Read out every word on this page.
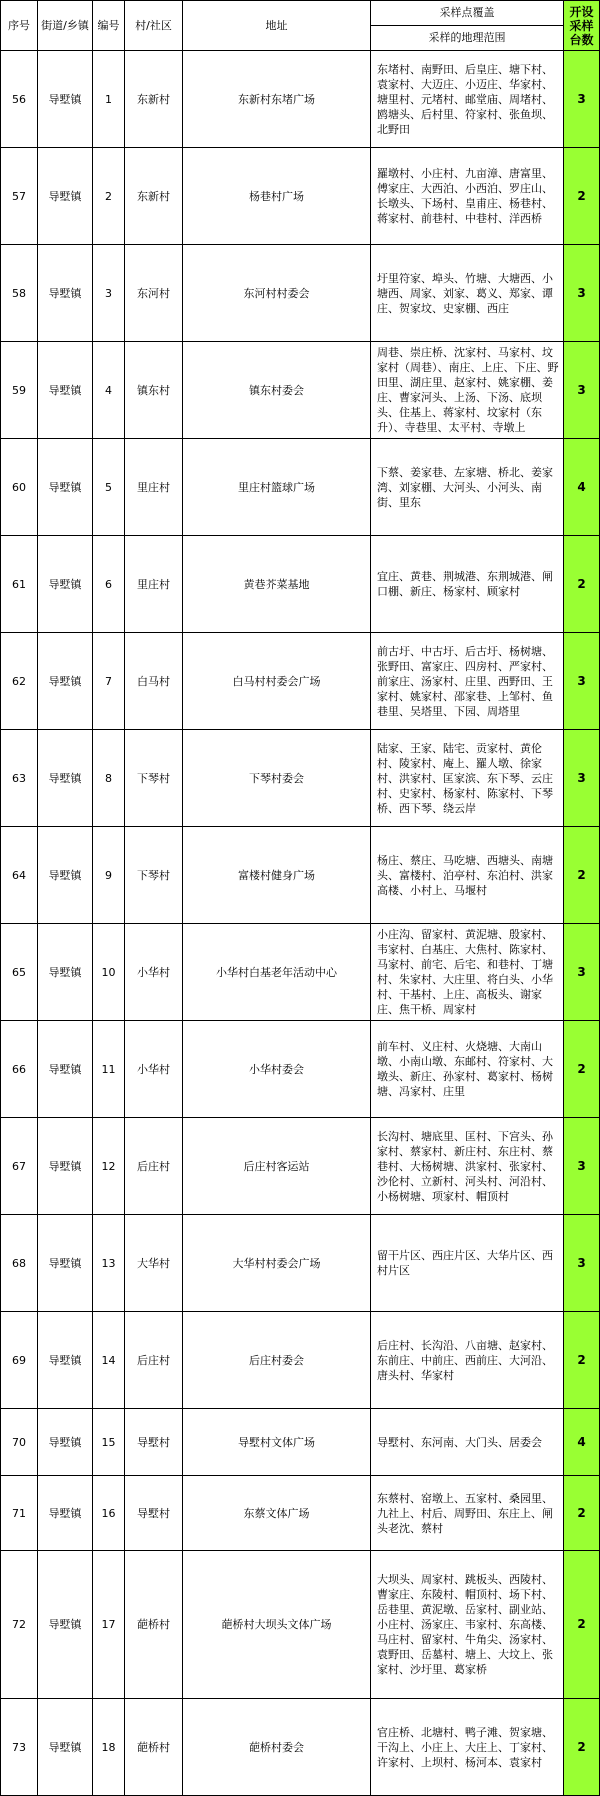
序号	街道/乡镇	编号	村/社区	地址	采样点覆盖	开设采样台数
					采样的地理范围	
56	导墅镇	1	东新村	东新村东堵广场	东堵村、南野田、后皇庄、塘下村、袁家村、大迈庄、小迈庄、华家村、塘里村、元堵村、邮堂庙、周堵村、鸥塘头、后村里、符家村、张鱼坝、北野田	3
57	导墅镇	2	东新村	杨巷村广场	羅墩村、小庄村、九亩漳、唐富里、傅家庄、大西泊、小西泊、罗庄山、长墩头、下场村、皇甫庄、杨巷村、蒋家村、前巷村、中巷村、洋西桥	2
58	导墅镇	3	东河村	东河村村委会	圩里符家、埠头、竹塘、大塘西、小塘西、周家、刘家、葛义、郑家、谭庄、贺家坟、史家棚、西庄	3
59	导墅镇	4	镇东村	镇东村委会	周巷、崇庄桥、沈家村、马家村、坟家村（周巷）、南庄、上庄、下庄、野田里、湖庄里、赵家村、姚家棚、姜庄、曹家河头、上汤、下汤、底坝头、住基上、蒋家村、坟家村（东升）、寺巷里、太平村、寺墩上	3
60	导墅镇	5	里庄村	里庄村篮球广场	下蔡、姜家巷、左家塘、桥北、姜家湾、刘家棚、大河头、小河头、南街、里东	4
61	导墅镇	6	里庄村	黄巷芥菜基地	宜庄、黄巷、荆城港、东荆城港、闸口棚、新庄、杨家村、顾家村	2
62	导墅镇	7	白马村	白马村村委会广场	前古圩、中古圩、后古圩、杨树塘、张野田、富家庄、四房村、严家村、前家庄、汤家村、庄里、西野田、王家村、姚家村、邵家巷、上邹村、鱼巷里、吴塔里、下园、周塔里	3
63	导墅镇	8	下琴村	下琴村委会	陆家、王家、陆宅、贡家村、黄伦村、陵家村、庵上、羅人墩、徐家村、洪家村、匡家滨、东下琴、云庄村、史家村、杨家村、陈家村、下琴桥、西下琴、绕云岸	3
64	导墅镇	9	下琴村	富楼村健身广场	杨庄、蔡庄、马吃塘、西塘头、南塘头、富楼村、泊亭村、东泊村、洪家高楼、小村上、马堰村	2
65	导墅镇	10	小华村	小华村白基老年活动中心	小庄沟、留家村、黄泥塘、殷家村、韦家村、白基庄、大焦村、陈家村、马家村、前宅、后宅、和巷村、丁塘村、朱家村、大庄里、将白头、小华村、干基村、上庄、高板头、谢家庄、焦干桥、周家村	3
66	导墅镇	11	小华村	小华村委会	前车村、义庄村、火烧塘、大南山墩、小南山墩、东邮村、符家村、大墩头、新庄、孙家村、葛家村、杨树塘、冯家村、庄里	2
67	导墅镇	12	后庄村	后庄村客运站	长沟村、塘底里、匡村、下宫头、孙家村、蔡家村、新庄村、东庄村、蔡巷村、大杨树塘、洪家村、张家村、沙伦村、立新村、河头村、河沿村、小杨树塘、项家村、帽顶村	3
68	导墅镇	13	大华村	大华村村委会广场	留干片区、西庄片区、大华片区、西村片区	3
69	导墅镇	14	后庄村	后庄村委会	后庄村、长沟沿、八亩塘、赵家村、东前庄、中前庄、西前庄、大河沿、唐头村、华家村	2
70	导墅镇	15	导墅村	导墅村文体广场	导墅村、东河南、大门头、居委会	4
71	导墅镇	16	导墅村	东蔡文体广场	东蔡村、窑墩上、五家村、桑园里、九社上、村后、周野田、东庄上、闸头老沈、蔡村	2
72	导墅镇	17	葩桥村	葩桥村大坝头文体广场	大坝头、周家村、跳板头、西陵村、曹家庄、东陵村、帽顶村、场下村、岳巷里、黄泥墩、岳家村、副业站、小庄村、汤家庄、韦家村、东高楼、马庄村、留家村、牛角尖、汤家村、袁野田、岳墓村、塘上、大坟上、张家村、沙圩里、葛家桥	2
73	导墅镇	18	葩桥村	葩桥村委会	官庄桥、北塘村、鸭子滩、贺家塘、干沟上、小庄上、大庄上、丁家村、许家村、上坝村、杨河本、袁家村	2
